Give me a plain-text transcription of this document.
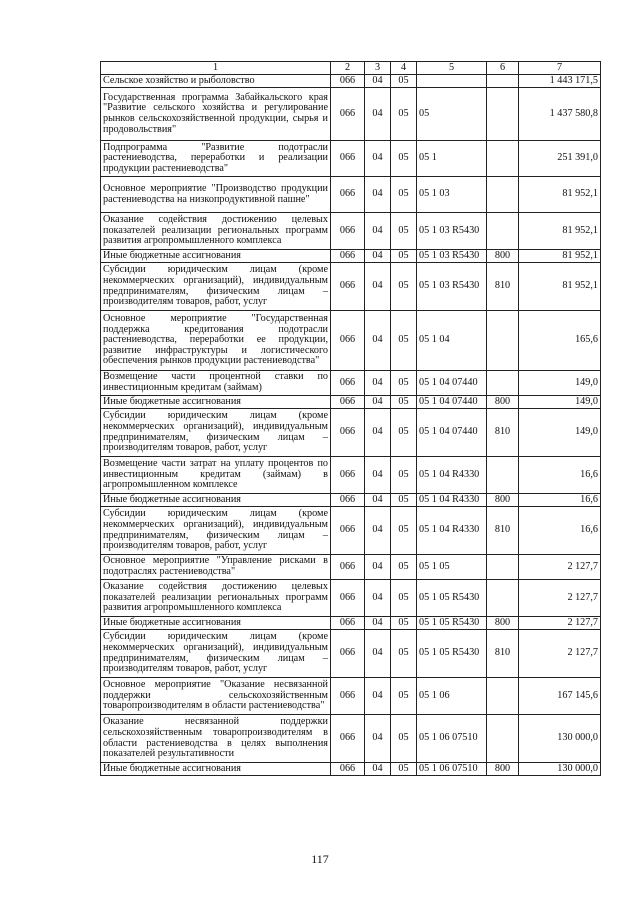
1	2	3	4	5	6	7
Сельское хозяйство и рыболовство	066	04	05			1 443 171,5
Государственная программа Забайкальского края "Развитие сельского хозяйства и регулирование рынков сельскохозяйственной продукции, сырья и продовольствия"	066	04	05	05		1 437 580,8
Подпрограмма "Развитие подотрасли растениеводства, переработки и реализации продукции растениеводства"	066	04	05	05 1		251 391,0
Основное мероприятие "Производство продукции растениеводства на низкопродуктивной пашне"	066	04	05	05 1 03		81 952,1
Оказание содействия достижению целевых показателей реализации региональных программ развития агропромышленного комплекса	066	04	05	05 1 03 R5430		81 952,1
Иные бюджетные ассигнования	066	04	05	05 1 03 R5430	800	81 952,1
Субсидии юридическим лицам (кроме некоммерческих организаций), индивидуальным предпринимателям, физическим лицам – производителям товаров, работ, услуг	066	04	05	05 1 03 R5430	810	81 952,1
Основное мероприятие "Государственная поддержка кредитования подотрасли растениеводства, переработки ее продукции, развитие инфраструктуры и логистического обеспечения рынков продукции растениеводства"	066	04	05	05 1 04		165,6
Возмещение части процентной ставки по инвестиционным кредитам (займам)	066	04	05	05 1 04 07440		149,0
Иные бюджетные ассигнования	066	04	05	05 1 04 07440	800	149,0
Субсидии юридическим лицам (кроме некоммерческих организаций), индивидуальным предпринимателям, физическим лицам – производителям товаров, работ, услуг	066	04	05	05 1 04 07440	810	149,0
Возмещение части затрат на уплату процентов по инвестиционным кредитам (займам) в агропромышленном комплексе	066	04	05	05 1 04 R4330		16,6
Иные бюджетные ассигнования	066	04	05	05 1 04 R4330	800	16,6
Субсидии юридическим лицам (кроме некоммерческих организаций), индивидуальным предпринимателям, физическим лицам – производителям товаров, работ, услуг	066	04	05	05 1 04 R4330	810	16,6
Основное мероприятие "Управление рисками в подотраслях растениеводства"	066	04	05	05 1 05		2 127,7
Оказание содействия достижению целевых показателей реализации региональных программ развития агропромышленного комплекса	066	04	05	05 1 05 R5430		2 127,7
Иные бюджетные ассигнования	066	04	05	05 1 05 R5430	800	2 127,7
Субсидии юридическим лицам (кроме некоммерческих организаций), индивидуальным предпринимателям, физическим лицам – производителям товаров, работ, услуг	066	04	05	05 1 05 R5430	810	2 127,7
Основное мероприятие "Оказание несвязанной поддержки сельскохозяйственным товаропроизводителям в области растениеводства"	066	04	05	05 1 06		167 145,6
Оказание несвязанной поддержки сельскохозяйственным товаропроизводителям в области растениеводства в целях выполнения показателей результативности	066	04	05	05 1 06 07510		130 000,0
Иные бюджетные ассигнования	066	04	05	05 1 06 07510	800	130 000,0
117
